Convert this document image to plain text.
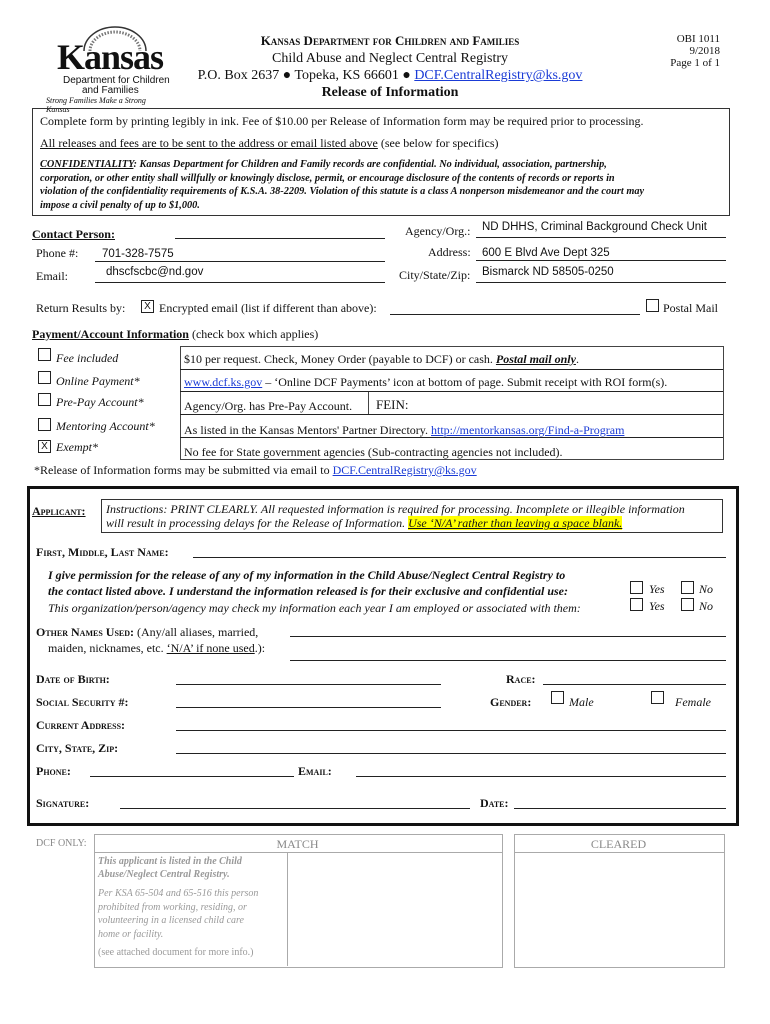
Kansas
Department for Children
and Families
Strong Families Make a Strong Kansas
Kansas Department for Children and Families
Child Abuse and Neglect Central Registry
P.O. Box 2637 ● Topeka, KS 66601 ● DCF.CentralRegistry@ks.gov
Release of Information
OBI 1011
9/2018
Page 1 of 1
Complete form by printing legibly in ink. Fee of $10.00 per Release of Information form may be required prior to processing.
All releases and fees are to be sent to the address or email listed above (see below for specifics)
CONFIDENTIALITY: Kansas Department for Children and Family records are confidential. No individual, association, partnership,
corporation, or other entity shall willfully or knowingly disclose, permit, or encourage disclosure of the contents of records or reports in
violation of the confidentiality requirements of K.S.A. 38-2209. Violation of this statute is a class A nonperson misdemeanor and the court may
impose a civil penalty of up to $1,000.
Contact Person:
Phone #: 701-328-7575
Email:	dhscfscbc@nd.gov
Agency/Org.: ND DHHS, Criminal Background Check Unit
Address: 600 E Blvd Ave Dept 325
City/State/Zip: Bismarck ND 58505-0250
Return Results by:	X Encrypted email (list if different than above):	Postal Mail
Payment/Account Information (check box which applies)
Fee included	$10 per request. Check, Money Order (payable to DCF) or cash. Postal mail only.
Online Payment*	www.dcf.ks.gov – ‘Online DCF Payments’ icon at bottom of page. Submit receipt with ROI form(s).
Pre-Pay Account*	Agency/Org. has Pre-Pay Account. FEIN:
Mentoring Account* As listed in the Kansas Mentors' Partner Directory. http://mentorkansas.org/Find-a-Program
X Exempt*	No fee for State government agencies (Sub-contracting agencies not included).
*Release of Information forms may be submitted via email to DCF.CentralRegistry@ks.gov
Applicant: Instructions: PRINT CLEARLY. All requested information is required for processing. Incomplete or illegible information
will result in processing delays for the Release of Information. Use ‘N/A’ rather than leaving a space blank.
First, Middle, Last Name:
I give permission for the release of any of my information in the Child Abuse/Neglect Central Registry to
the contact listed above. I understand the information released is for their exclusive and confidential use:
This organization/person/agency may check my information each year I am employed or associated with them:
Yes	No
Yes	No
Other Names Used: (Any/all aliases, married,
maiden, nicknames, etc. ‘N/A’ if none used.):
Date of Birth:	Race:
Social Security #:	Gender:	Male	Female
Current Address:
City, State, Zip:
Phone:	Email:
Signature:	Date:
DCF ONLY:	MATCH
This applicant is listed in the Child
Abuse/Neglect Central Registry.
Per KSA 65-504 and 65-516 this person
prohibited from working, residing, or
volunteering in a licensed child care
home or facility.
(see attached document for more info.)
CLEARED
